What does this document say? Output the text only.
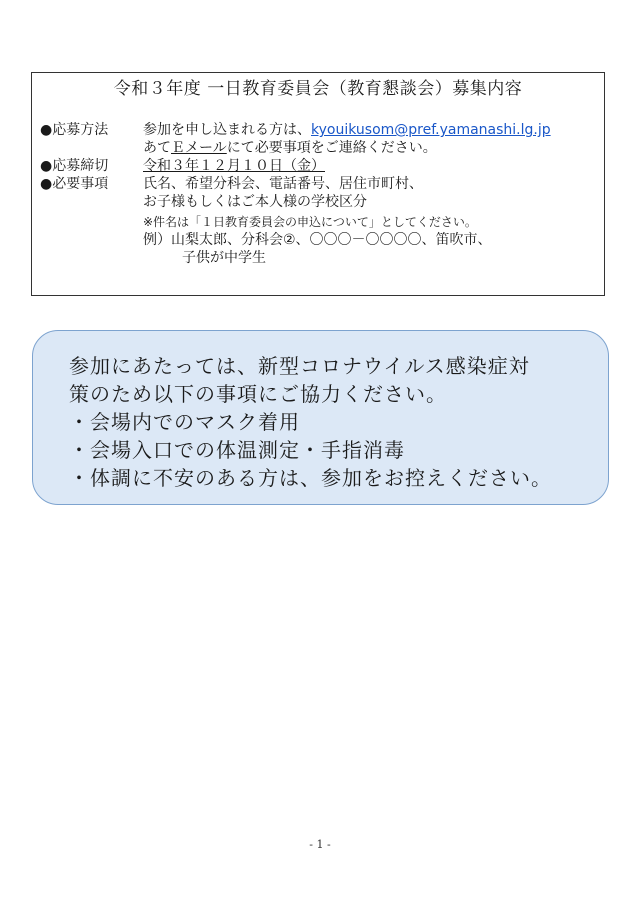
令和３年度 一日教育委員会（教育懇談会）募集内容
●応募方法 参加を申し込まれる方は、kyouikusom@pref.yamanashi.lg.jp
あてＥメールにて必要事項をご連絡ください。
●応募締切 令和３年１２月１０日（金）
●必要事項 氏名、希望分科会、電話番号、居住市町村、
お子様もしくはご本人様の学校区分
※件名は「１日教育委員会の申込について」としてください。
例）山梨太郎、分科会②、〇〇〇－〇〇〇〇、笛吹市、
子供が中学生
参加にあたっては、新型コロナウイルス感染症対
策のため以下の事項にご協力ください。
・会場内でのマスク着用
・会場入口での体温測定・手指消毒
・体調に不安のある方は、参加をお控えください。
- 1 -
